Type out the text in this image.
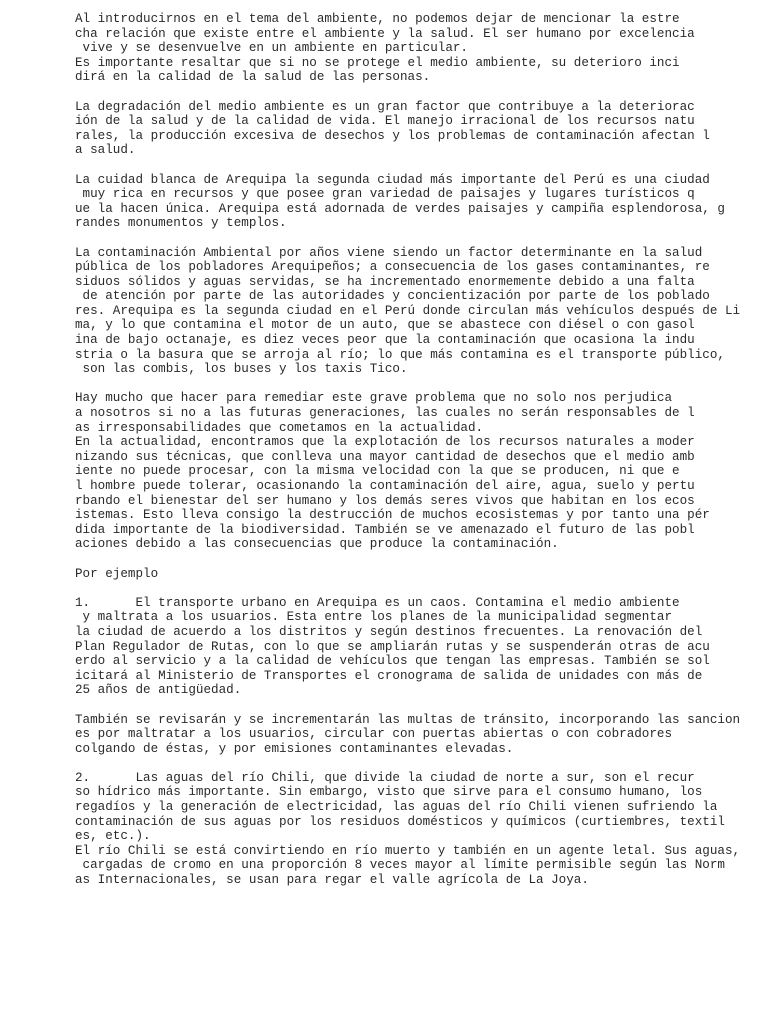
Al introducirnos en el tema del ambiente, no podemos dejar de mencionar la estre
cha relación que existe entre el ambiente y la salud. El ser humano por excelencia
vive y se desenvuelve en un ambiente en particular.
Es importante resaltar que si no se protege el medio ambiente, su deterioro inci
dirá en la calidad de la salud de las personas.
La degradación del medio ambiente es un gran factor que contribuye a la deteriorac
ión de la salud y de la calidad de vida. El manejo irracional de los recursos natu
rales, la producción excesiva de desechos y los problemas de contaminación afectan l
a salud.
La cuidad blanca de Arequipa la segunda ciudad más importante del Perú es una ciudad
muy rica en recursos y que posee gran variedad de paisajes y lugares turísticos q
ue la hacen única. Arequipa está adornada de verdes paisajes y campiña esplendorosa, g
randes monumentos y templos.
La contaminación Ambiental por años viene siendo un factor determinante en la salud
pública de los pobladores Arequipeños; a consecuencia de los gases contaminantes, re
siduos sólidos y aguas servidas, se ha incrementado enormemente debido a una falta
de atención por parte de las autoridades y concientización por parte de los poblado
res. Arequipa es la segunda ciudad en el Perú donde circulan más vehículos después de Li
ma, y lo que contamina el motor de un auto, que se abastece con diésel o con gasol
ina de bajo octanaje, es diez veces peor que la contaminación que ocasiona la indu
stria o la basura que se arroja al río; lo que más contamina es el transporte público,
son las combis, los buses y los taxis Tico.
Hay mucho que hacer para remediar este grave problema que no solo nos perjudica
a nosotros si no a las futuras generaciones, las cuales no serán responsables de l
as irresponsabilidades que cometamos en la actualidad.
En la actualidad, encontramos que la explotación de los recursos naturales a moder
nizando sus técnicas, que conlleva una mayor cantidad de desechos que el medio amb
iente no puede procesar, con la misma velocidad con la que se producen, ni que e
l hombre puede tolerar, ocasionando la contaminación del aire, agua, suelo y pertu
rbando el bienestar del ser humano y los demás seres vivos que habitan en los ecos
istemas. Esto lleva consigo la destrucción de muchos ecosistemas y por tanto una pér
dida importante de la biodiversidad. También se ve amenazado el futuro de las pobl
aciones debido a las consecuencias que produce la contaminación.
Por ejemplo
1.      El transporte urbano en Arequipa es un caos. Contamina el medio ambiente
y maltrata a los usuarios. Esta entre los planes de la municipalidad segmentar
la ciudad de acuerdo a los distritos y según destinos frecuentes. La renovación del
Plan Regulador de Rutas, con lo que se ampliarán rutas y se suspenderán otras de acu
erdo al servicio y a la calidad de vehículos que tengan las empresas. También se sol
icitará al Ministerio de Transportes el cronograma de salida de unidades con más de
25 años de antigüedad.
También se revisarán y se incrementarán las multas de tránsito, incorporando las sancion
es por maltratar a los usuarios, circular con puertas abiertas o con cobradores
colgando de éstas, y por emisiones contaminantes elevadas.
2.      Las aguas del río Chili, que divide la ciudad de norte a sur, son el recur
so hídrico más importante. Sin embargo, visto que sirve para el consumo humano, los
regadíos y la generación de electricidad, las aguas del río Chili vienen sufriendo la
contaminación de sus aguas por los residuos domésticos y químicos (curtiembres, textil
es, etc.).
El río Chili se está convirtiendo en río muerto y también en un agente letal. Sus aguas,
cargadas de cromo en una proporción 8 veces mayor al límite permisible según las Norm
as Internacionales, se usan para regar el valle agrícola de La Joya.
